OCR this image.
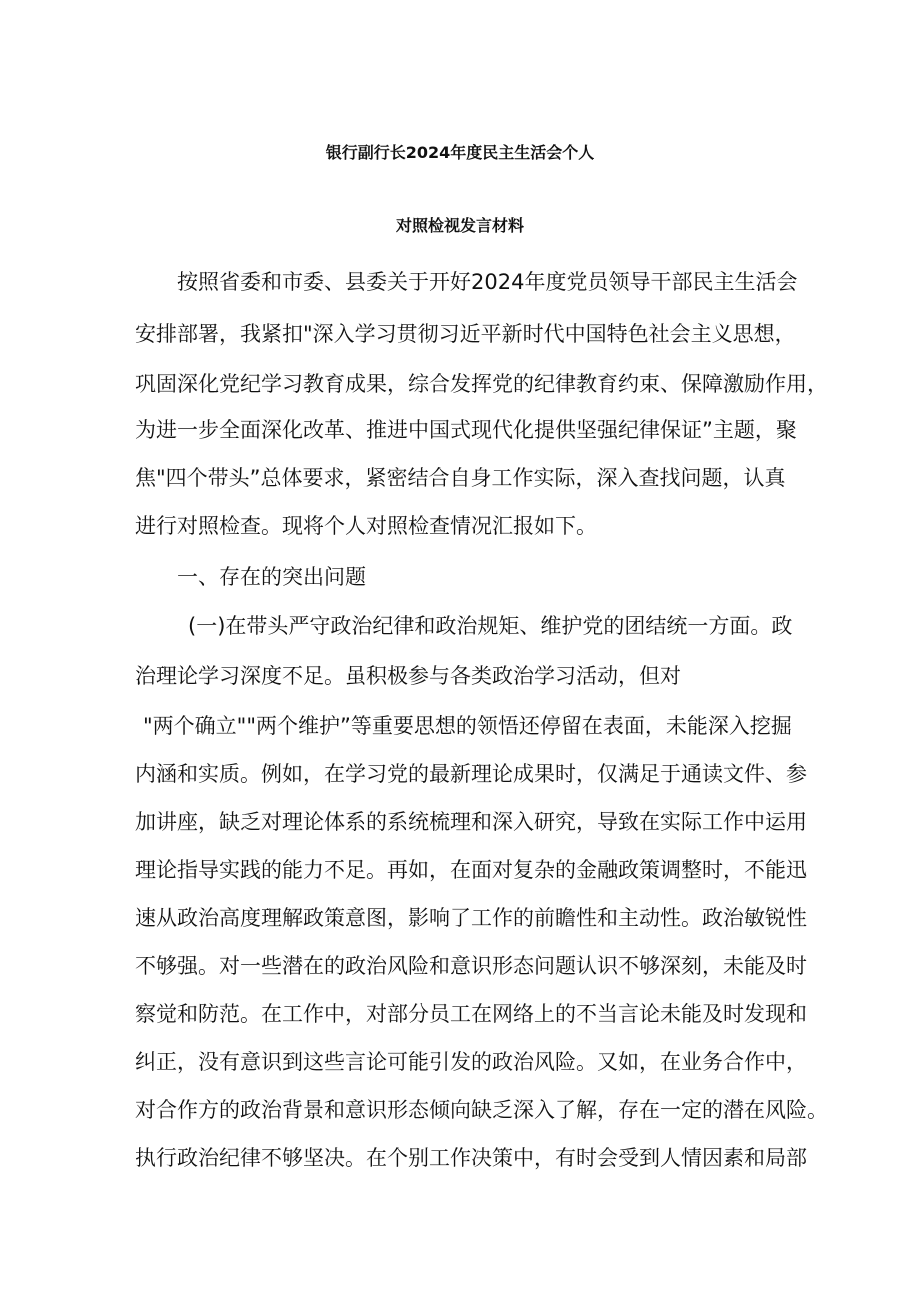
银行副行长2024年度民主生活会个人
对照检视发言材料
按照省委和市委、县委关于开好2024年度党员领导干部民主生活会
安排部署，我紧扣"深入学习贯彻习近平新时代中国特色社会主义思想，
巩固深化党纪学习教育成果，综合发挥党的纪律教育约束、保障激励作用，
为进一步全面深化改革、推进中国式现代化提供坚强纪律保证”主题，聚
焦"四个带头”总体要求，紧密结合自身工作实际，深入查找问题，认真
进行对照检查。现将个人对照检查情况汇报如下。
一、存在的突出问题
(一)在带头严守政治纪律和政治规矩、维护党的团结统一方面。政
治理论学习深度不足。虽积极参与各类政治学习活动，但对
"两个确立""两个维护”等重要思想的领悟还停留在表面，未能深入挖掘
内涵和实质。例如，在学习党的最新理论成果时，仅满足于通读文件、参
加讲座，缺乏对理论体系的系统梳理和深入研究，导致在实际工作中运用
理论指导实践的能力不足。再如，在面对复杂的金融政策调整时，不能迅
速从政治高度理解政策意图，影响了工作的前瞻性和主动性。政治敏锐性
不够强。对一些潜在的政治风险和意识形态问题认识不够深刻，未能及时
察觉和防范。在工作中，对部分员工在网络上的不当言论未能及时发现和
纠正，没有意识到这些言论可能引发的政治风险。又如，在业务合作中，
对合作方的政治背景和意识形态倾向缺乏深入了解，存在一定的潜在风险。
执行政治纪律不够坚决。在个别工作决策中，有时会受到人情因素和局部
